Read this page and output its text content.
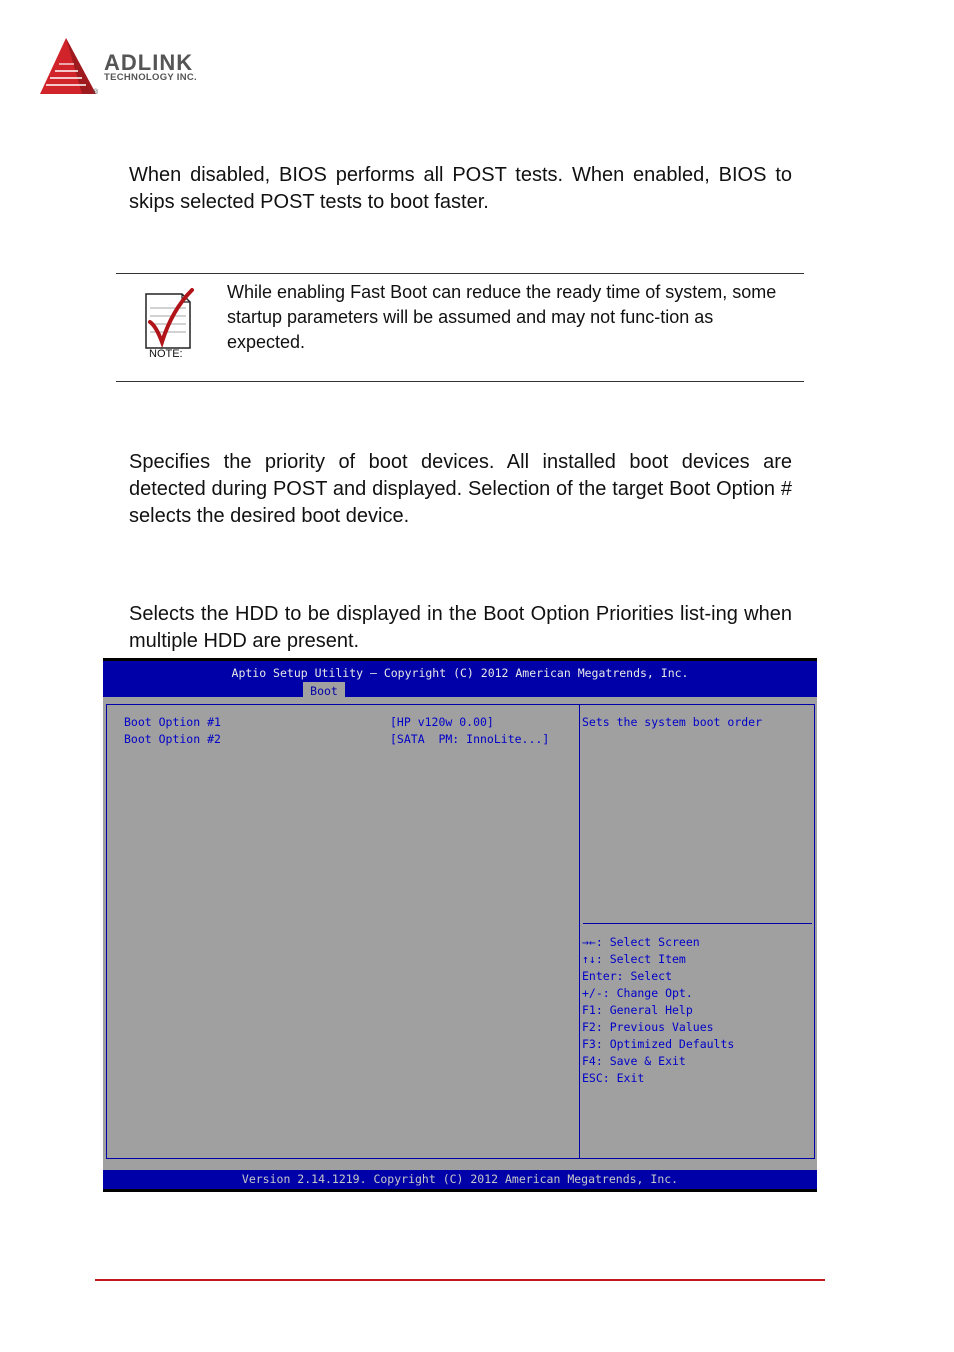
ADLINK
TECHNOLOGY INC.
®
When disabled, BIOS performs all POST tests. When enabled, BIOS to skips selected POST tests to boot faster.
NOTE:
While enabling Fast Boot can reduce the ready time of system, some startup parameters will be assumed and may not func-tion as expected.
Specifies the priority of boot devices. All installed boot devices are detected during POST and displayed. Selection of the target Boot Option # selects the desired boot device.
Selects the HDD to be displayed in the Boot Option Priorities list-ing when multiple HDD are present.
Aptio Setup Utility – Copyright (C) 2012 American Megatrends, Inc.
Boot
Boot Option #1	[HP v120w 0.00]
Boot Option #2	[SATA  PM: InnoLite...]
Sets the system boot order
→←: Select Screen
↑↓: Select Item
Enter: Select
+/-: Change Opt.
F1: General Help
F2: Previous Values
F3: Optimized Defaults
F4: Save & Exit
ESC: Exit
Version 2.14.1219. Copyright (C) 2012 American Megatrends, Inc.
